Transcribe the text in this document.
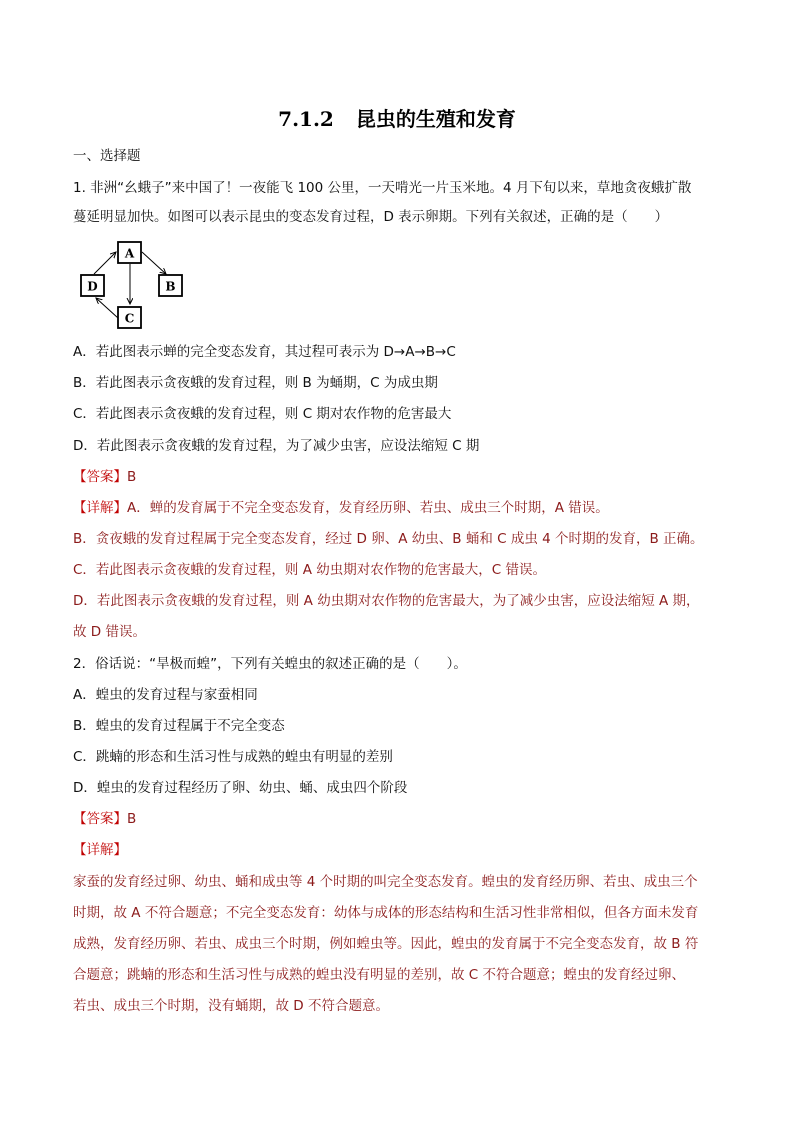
7.1.2 昆虫的生殖和发育
一、选择题
1. 非洲“幺蛾子”来中国了！一夜能飞 100 公里，一天啃光一片玉米地。4 月下旬以来，草地贪夜蛾扩散
蔓延明显加快。如图可以表示昆虫的变态发育过程，D 表示卵期。下列有关叙述，正确的是（　　）
A
B
C
D
A．若此图表示蝉的完全变态发育，其过程可表示为 D→A→B→C
B．若此图表示贪夜蛾的发育过程，则 B 为蛹期，C 为成虫期
C．若此图表示贪夜蛾的发育过程，则 C 期对农作物的危害最大
D．若此图表示贪夜蛾的发育过程，为了减少虫害，应设法缩短 C 期
【答案】B
【详解】A．蝉的发育属于不完全变态发育，发育经历卵、若虫、成虫三个时期，A 错误。
B．贪夜蛾的发育过程属于完全变态发育，经过 D 卵、A 幼虫、B 蛹和 C 成虫 4 个时期的发育，B 正确。
C．若此图表示贪夜蛾的发育过程，则 A 幼虫期对农作物的危害最大，C 错误。
D．若此图表示贪夜蛾的发育过程，则 A 幼虫期对农作物的危害最大，为了减少虫害，应设法缩短 A 期，
故 D 错误。
2．俗话说：“旱极而蝗”，下列有关蝗虫的叙述正确的是（　　）。
A．蝗虫的发育过程与家蚕相同
B．蝗虫的发育过程属于不完全变态
C．跳蝻的形态和生活习性与成熟的蝗虫有明显的差别
D．蝗虫的发育过程经历了卵、幼虫、蛹、成虫四个阶段
【答案】B
【详解】
家蚕的发育经过卵、幼虫、蛹和成虫等 4 个时期的叫完全变态发育。蝗虫的发育经历卵、若虫、成虫三个
时期，故 A 不符合题意；不完全变态发育：幼体与成体的形态结构和生活习性非常相似，但各方面未发育
成熟，发育经历卵、若虫、成虫三个时期，例如蝗虫等。因此，蝗虫的发育属于不完全变态发育，故 B 符
合题意；跳蝻的形态和生活习性与成熟的蝗虫没有明显的差别，故 C 不符合题意；蝗虫的发育经过卵、
若虫、成虫三个时期，没有蛹期，故 D 不符合题意。
